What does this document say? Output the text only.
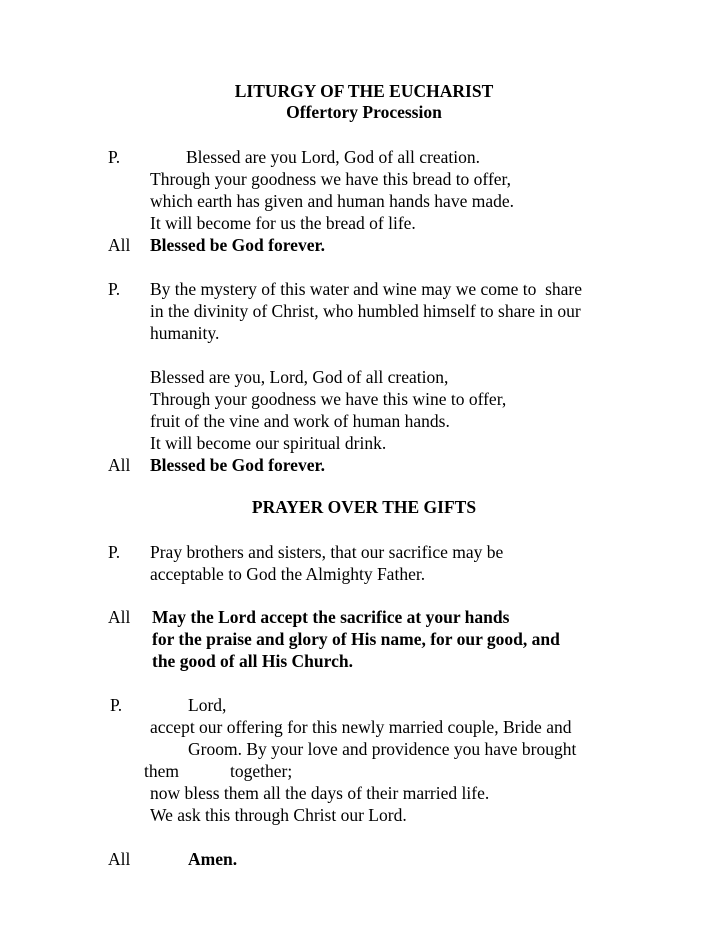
LITURGY OF THE EUCHARIST
Offertory Procession
P.	Blessed are you Lord, God of all creation.
Through your goodness we have this bread to offer,
which earth has given and human hands have made.
It will become for us the bread of life.
All Blessed be God forever.
P. By the mystery of this water and wine may we come to  share
in the divinity of Christ, who humbled himself to share in our
humanity.
Blessed are you, Lord, God of all creation,
Through your goodness we have this wine to offer,
fruit of the vine and work of human hands.
It will become our spiritual drink.
All Blessed be God forever.
PRAYER OVER THE GIFTS
P. Pray brothers and sisters, that our sacrifice may be
acceptable to God the Almighty Father.
All May the Lord accept the sacrifice at your hands
for the praise and glory of His name, for our good, and
the good of all His Church.
P.	Lord,
accept our offering for this newly married couple, Bride and
Groom. By your love and providence you have brought
them	together;
now bless them all the days of their married life.
We ask this through Christ our Lord.
All	Amen.
